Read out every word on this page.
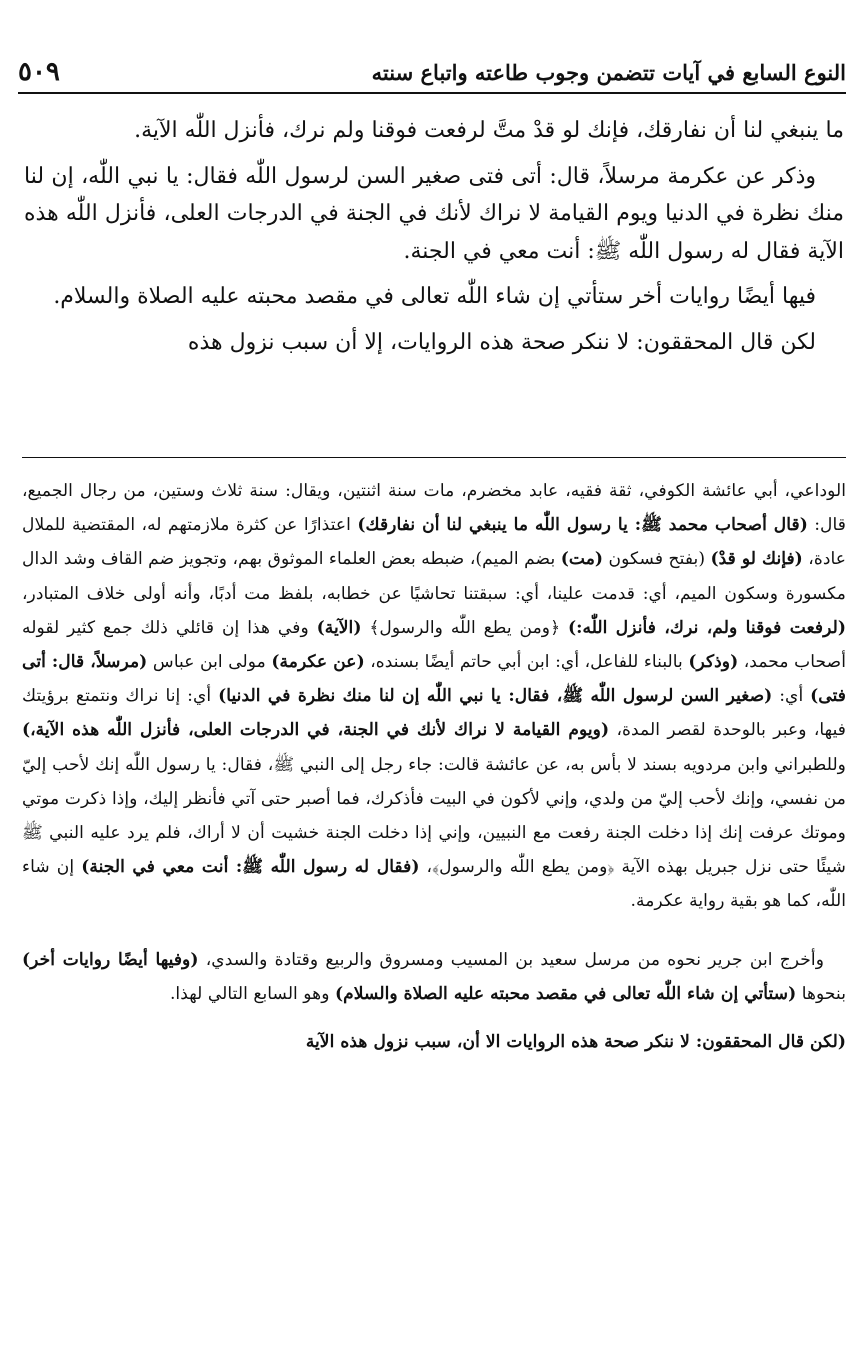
النوع السابع في آيات تتضمن وجوب طاعته واتباع سنته
٥٠٩

ما ينبغي لنا أن نفارقك، فإنك لو قدْ متَّ لرفعت فوقنا ولم نرك، فأنزل اللّٰه الآية.

وذكر عن عكرمة مرسلاً، قال: أتى فتى صغير السن لرسول اللّٰه فقال: يا نبي اللّٰه، إن لنا منك نظرة في الدنيا ويوم القيامة لا نراك لأنك في الجنة في الدرجات العلى، فأنزل اللّٰه هذه الآية فقال له رسول اللّٰه ﷺ: أنت معي في الجنة.

فيها أيضًا روايات أخر ستأتي إن شاء اللّٰه تعالى في مقصد محبته عليه الصلاة والسلام.

لكن قال المحققون: لا ننكر صحة هذه الروايات، إلا أن سبب نزول هذه

الوداعي، أبي عائشة الكوفي، ثقة فقيه، عابد مخضرم، مات سنة اثنتين، ويقال: سنة ثلاث وستين، من رجال الجميع، قال: (قال أصحاب محمد ﷺ: يا رسول اللّٰه ما ينبغي لنا أن نفارقك) اعتذارًا عن كثرة ملازمتهم له، المقتضية للملال عادة، (فإنك لو قدْ) (بفتح فسكون (مت) بضم الميم)، ضبطه بعض العلماء الموثوق بهم، وتجويز ضم القاف وشد الدال مكسورة وسكون الميم، أي: قدمت علينا، أي: سبقتنا تحاشيًا عن خطابه، بلفظ مت أدبًا، وأنه أولى خلاف المتبادر، (لرفعت فوقنا ولم، نرك، فأنزل اللّٰه:) ﴿ومن يطع اللّٰه والرسول﴾ (الآية) وفي هذا إن قائلي ذلك جمع كثير لقوله أصحاب محمد، (وذكر) بالبناء للفاعل، أي: ابن أبي حاتم أيضًا بسنده، (عن عكرمة) مولى ابن عباس (مرسلاً، قال: أتى فتى) أي: (صغير السن لرسول اللّٰه ﷺ، فقال: يا نبي اللّٰه إن لنا منك نظرة في الدنيا) أي: إنا نراك ونتمتع برؤيتك فيها، وعبر بالوحدة لقصر المدة، (ويوم القيامة لا نراك لأنك في الجنة، في الدرجات العلى، فأنزل اللّٰه هذه الآية،) وللطبراني وابن مردويه بسند لا بأس به، عن عائشة قالت: جاء رجل إلى النبي ﷺ، فقال: يا رسول اللّٰه إنك لأحب إليّ من نفسي، وإنك لأحب إليّ من ولدي، وإني لأكون في البيت فأذكرك، فما أصبر حتى آتي فأنظر إليك، وإذا ذكرت موتي وموتك عرفت إنك إذا دخلت الجنة رفعت مع النبيين، وإني إذا دخلت الجنة خشيت أن لا أراك، فلم يرد عليه النبي ﷺ شيئًا حتى نزل جبريل بهذه الآية ﴿ومن يطع اللّٰه والرسول﴾، (فقال له رسول اللّٰه ﷺ: أنت معي في الجنة) إن شاء اللّٰه، كما هو بقية رواية عكرمة.

وأخرج ابن جرير نحوه من مرسل سعيد بن المسيب ومسروق والربيع وقتادة والسدي، (وفيها أيضًا روايات أخر) بنحوها (ستأتي إن شاء اللّٰه تعالى في مقصد محبته عليه الصلاة والسلام) وهو السابع التالي لهذا.

(لكن قال المحققون: لا ننكر صحة هذه الروايات الا أن، سبب نزول هذه الآية
